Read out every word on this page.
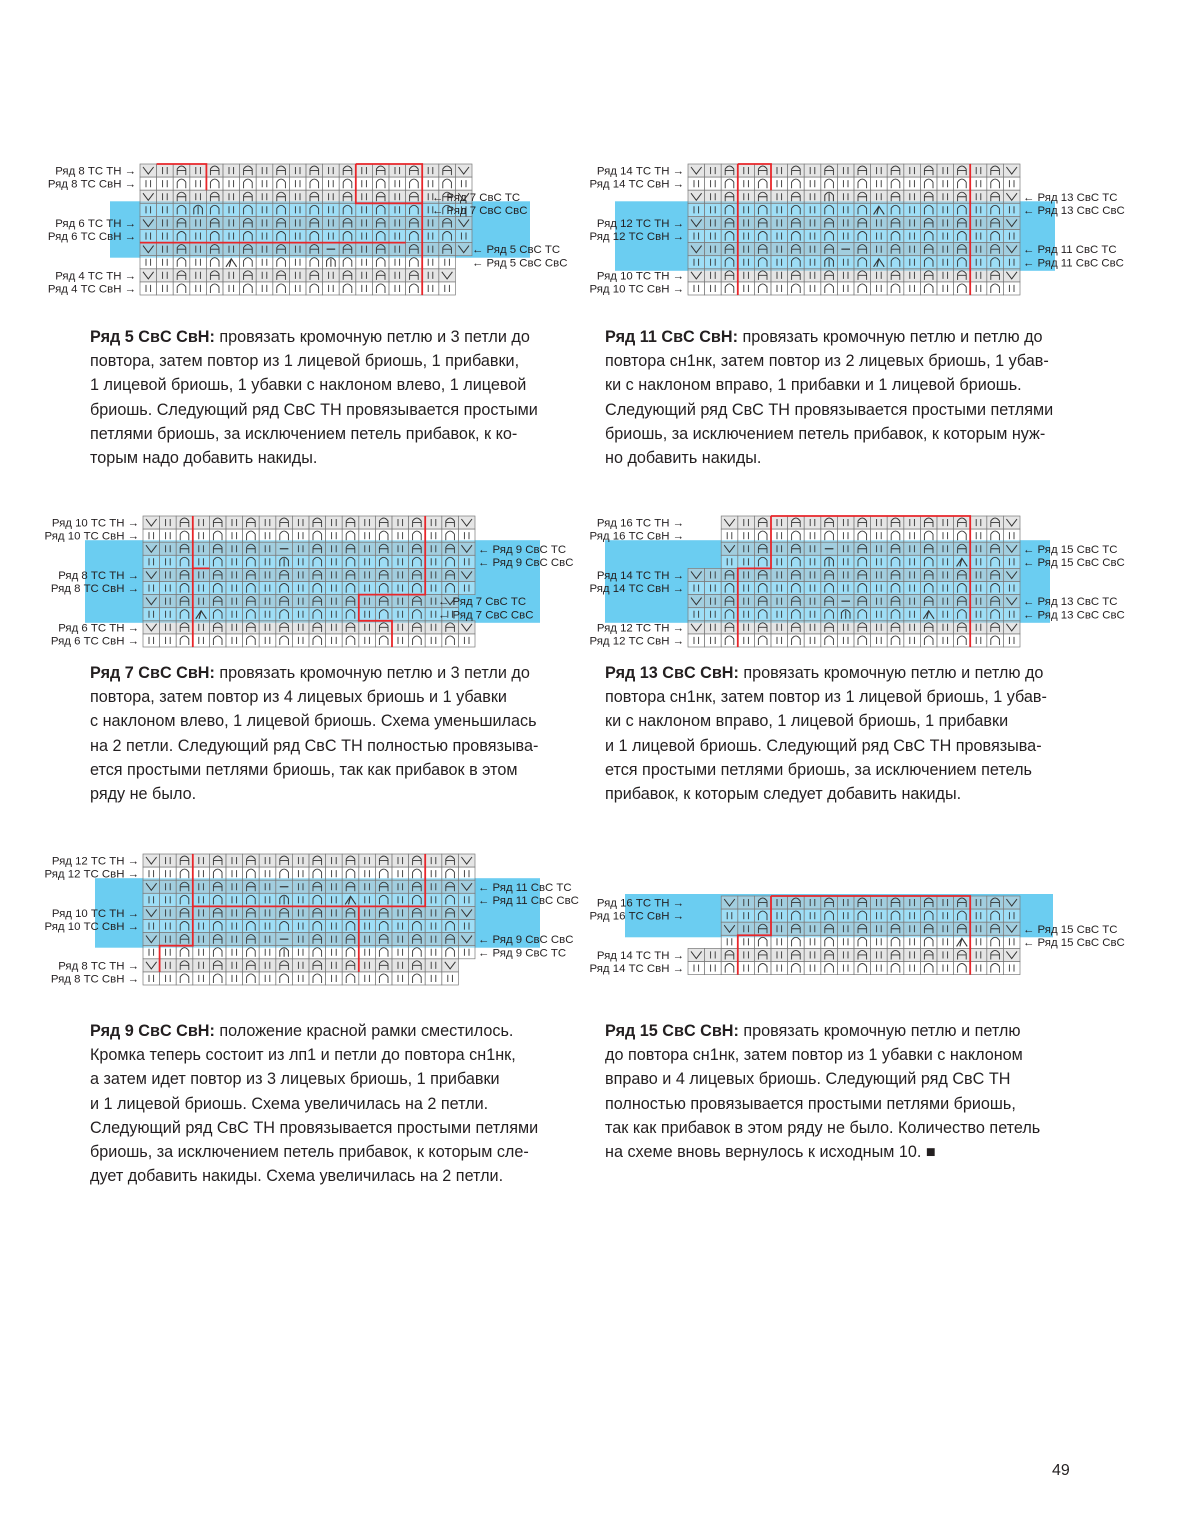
Ряд 8 ТС ТН →
Ряд 8 ТС СвН →
Ряд 6 ТС ТН →
Ряд 6 ТС СвН →
Ряд 4 ТС ТН →
Ряд 4 ТС СвН →
← Ряд 7 СвС ТС
← Ряд 7 СвС СвС
← Ряд 5 СвС ТС
← Ряд 5 СвС СвС

Ряд 5 СвС СвН: провязать кромочную петлю и 3 петли до
повтора, затем повтор из 1 лицевой бриошь, 1 прибавки,
1 лицевой бриошь, 1 убавки с наклоном влево, 1 лицевой
бриошь. Следующий ряд СвС ТН провязывается простыми
петлями бриошь, за исключением петель прибавок, к ко-
торым надо добавить накиды.

Ряд 14 ТС ТН →
Ряд 14 ТС СвН →
Ряд 12 ТС ТН →
Ряд 12 ТС СвН →
Ряд 10 ТС ТН →
Ряд 10 ТС СвН →
← Ряд 13 СвС ТС
← Ряд 13 СвС СвС
← Ряд 11 СвС ТС
← Ряд 11 СвС СвС

Ряд 11 СвС СвН: провязать кромочную петлю и петлю до
повтора сн1нк, затем повтор из 2 лицевых бриошь, 1 убав-
ки с наклоном вправо, 1 прибавки и 1 лицевой бриошь.
Следующий ряд СвС ТН провязывается простыми петлями
бриошь, за исключением петель прибавок, к которым нуж-
но добавить накиды.

Ряд 10 ТС ТН →
Ряд 10 ТС СвН →
Ряд 8 ТС ТН →
Ряд 8 ТС СвН →
Ряд 6 ТС ТН →
Ряд 6 ТС СвН →
← Ряд 9 СвС ТС
← Ряд 9 СвС СвС
← Ряд 7 СвС ТС
← Ряд 7 СвС СвС

Ряд 7 СвС СвН: провязать кромочную петлю и 3 петли до
повтора, затем повтор из 4 лицевых бриошь и 1 убавки
с наклоном влево, 1 лицевой бриошь. Схема уменьшилась
на 2 петли. Следующий ряд СвС ТН полностью провязыва-
ется простыми петлями бриошь, так как прибавок в этом
ряду не было.

Ряд 16 ТС ТН →
Ряд 16 ТС СвН →
Ряд 14 ТС ТН →
Ряд 14 ТС СвН →
Ряд 12 ТС ТН →
Ряд 12 ТС СвН →
← Ряд 15 СвС ТС
← Ряд 15 СвС СвС
← Ряд 13 СвС ТС
← Ряд 13 СвС СвС

Ряд 13 СвС СвН: провязать кромочную петлю и петлю до
повтора сн1нк, затем повтор из 1 лицевой бриошь, 1 убав-
ки с наклоном вправо, 1 лицевой бриошь, 1 прибавки
и 1 лицевой бриошь. Следующий ряд СвС ТН провязыва-
ется простыми петлями бриошь, за исключением петель
прибавок, к которым следует добавить накиды.

Ряд 12 ТС ТН →
Ряд 12 ТС СвН →
Ряд 10 ТС ТН →
Ряд 10 ТС СвН →
Ряд 8 ТС ТН →
Ряд 8 ТС СвН →
← Ряд 11 СвС ТС
← Ряд 11 СвС СвС
← Ряд 9 СвС СвС
← Ряд 9 СвС ТС

Ряд 9 СвС СвН: положение красной рамки сместилось.
Кромка теперь состоит из лп1 и петли до повтора сн1нк,
а затем идет повтор из 3 лицевых бриошь, 1 прибавки
и 1 лицевой бриошь. Схема увеличилась на 2 петли.
Следующий ряд СвС ТН провязывается простыми петлями
бриошь, за исключением петель прибавок, к которым сле-
дует добавить накиды. Схема увеличилась на 2 петли.

Ряд 16 ТС ТН →
Ряд 16 ТС СвН →
Ряд 14 ТС ТН →
Ряд 14 ТС СвН →
← Ряд 15 СвС ТС
← Ряд 15 СвС СвС

Ряд 15 СвС СвН: провязать кромочную петлю и петлю
до повтора сн1нк, затем повтор из 1 убавки с наклоном
вправо и 4 лицевых бриошь. Следующий ряд СвС ТН
полностью провязывается простыми петлями бриошь,
так как прибавок в этом ряду не было. Количество петель
на схеме вновь вернулось к исходным 10. ■

49
